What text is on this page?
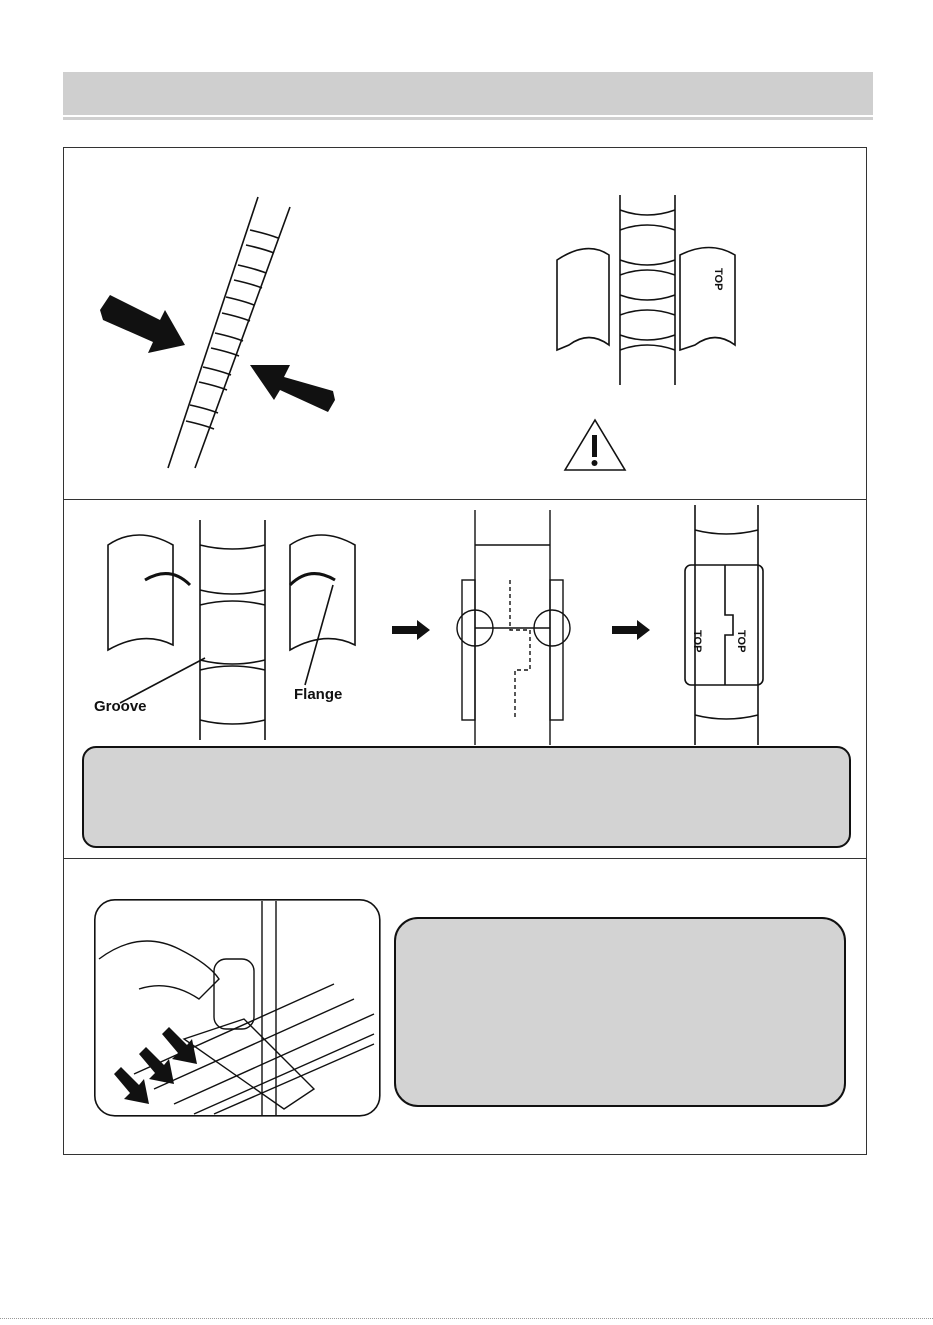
TOP
Groove
Flange
TOP	TOP
